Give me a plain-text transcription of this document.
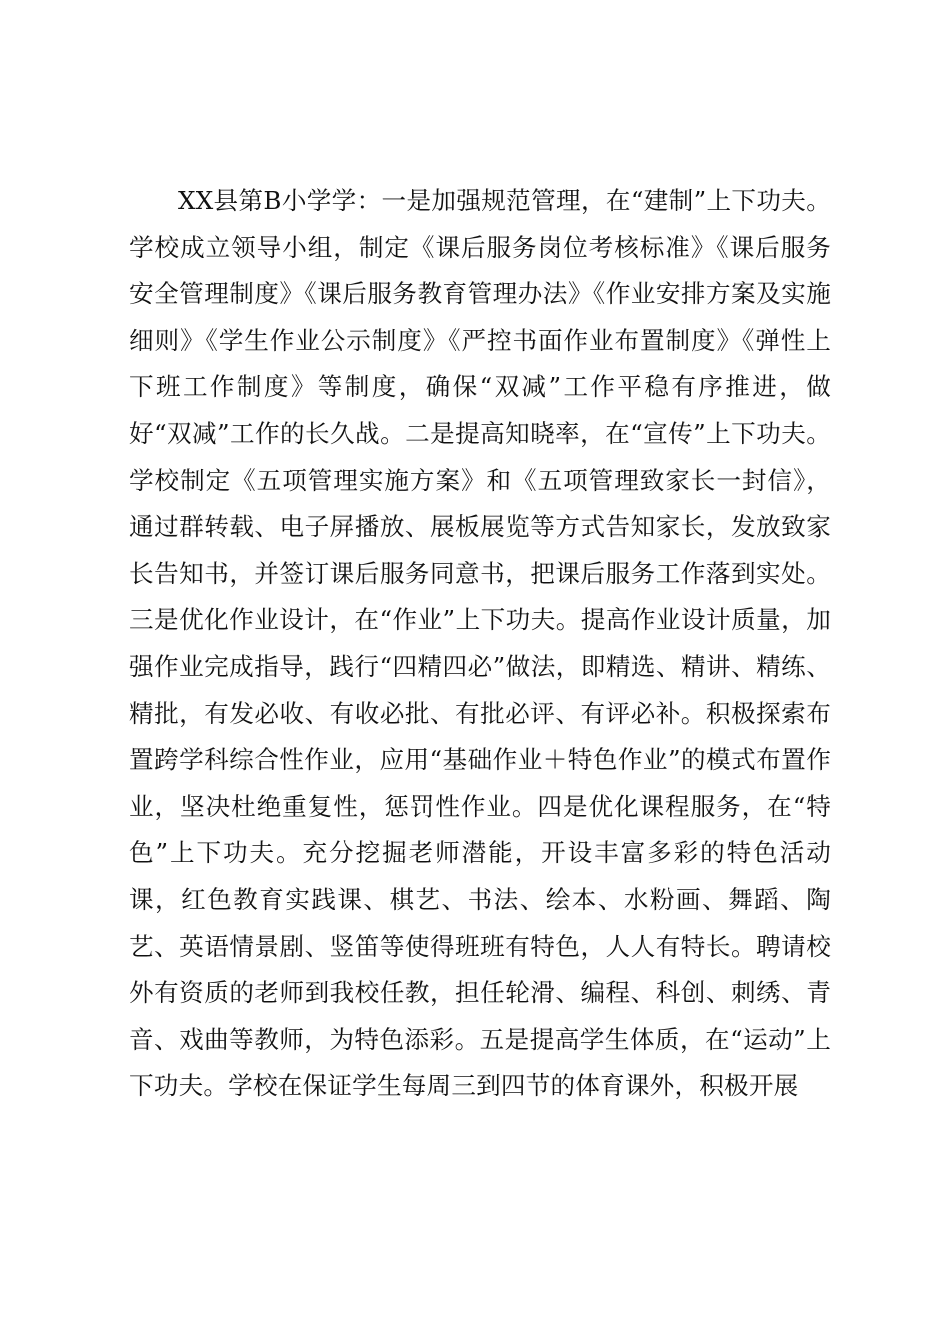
XX县第B小学学：一是加强规范管理，在“建制”上下功夫。学校成立领导小组，制定《课后服务岗位考核标准》《课后服务安全管理制度》《课后服务教育管理办法》《作业安排方案及实施细则》《学生作业公示制度》《严控书面作业布置制度》《弹性上下班工作制度》等制度，确保“双减”工作平稳有序推进，做好“双减”工作的长久战。二是提高知晓率，在“宣传”上下功夫。学校制定《五项管理实施方案》和《五项管理致家长一封信》，通过群转载、电子屏播放、展板展览等方式告知家长，发放致家长告知书，并签订课后服务同意书，把课后服务工作落到实处。三是优化作业设计，在“作业”上下功夫。提高作业设计质量，加强作业完成指导，践行“四精四必”做法，即精选、精讲、精练、精批，有发必收、有收必批、有批必评、有评必补。积极探索布置跨学科综合性作业，应用“基础作业＋特色作业”的模式布置作业，坚决杜绝重复性，惩罚性作业。四是优化课程服务，在“特色”上下功夫。充分挖掘老师潜能，开设丰富多彩的特色活动课，红色教育实践课、棋艺、书法、绘本、水粉画、舞蹈、陶艺、英语情景剧、竖笛等使得班班有特色，人人有特长。聘请校外有资质的老师到我校任教，担任轮滑、编程、科创、刺绣、青音、戏曲等教师，为特色添彩。五是提高学生体质，在“运动”上下功夫。学校在保证学生每周三到四节的体育课外，积极开展
